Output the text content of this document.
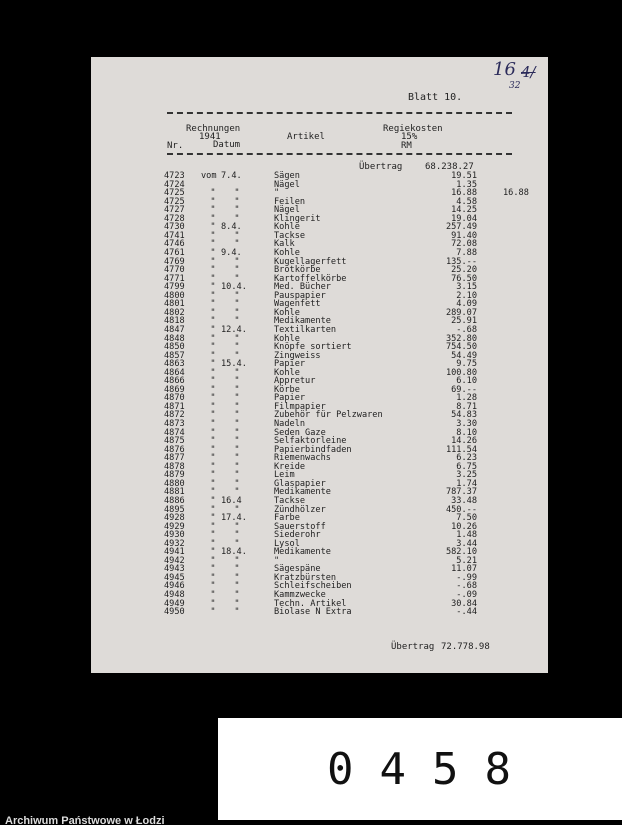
16
32
4/
Blatt 10.
Rechnungen
1941
Nr.	Datum
Artikel
Regiekosten
15%
RM
Übertrag	68.238.27
4723	vom 7.4.	Sägen	19.51
4724	Nägel	1.35
4725	"	"	"	16.88	16.88
4725	"	"	Feilen	4.58
4727	"	"	Nägel	14.25
4728	"	"	Klingerit	19.04
4730	" 8.4.	Kohle	257.49
4741	"	"	Tackse	91.40
4746	"	"	Kalk	72.08
4761	" 9.4.	Kohle	7.88
4769	"	"	Kugellagerfett	135.--
4770	"	"	Brotkörbe	25.20
4771	"	"	Kartoffelkörbe	76.50
4799	" 10.4.	Med. Bücher	3.15
4800	"	"	Pauspapier	2.10
4801	"	"	Wagenfett	4.09
4802	"	"	Kohle	289.07
4818	"	"	Medikamente	25.91
4847	" 12.4.	Textilkarten	-.68
4848	"	"	Kohle	352.80
4850	"	"	Knöpfe sortiert	754.50
4857	"	"	Zingweiss	54.49
4863	" 15.4.	Papier	9.75
4864	"	"	Kohle	100.80
4866	"	"	Appretur	6.10
4869	"	"	Körbe	69.--
4870	"	"	Papier	1.28
4871	"	"	Filmpapier	8.71
4872	"	"	Zubehör für Pelzwaren	54.83
4873	"	"	Nadeln	3.30
4874	"	"	Seden Gaze	8.10
4875	"	"	Selfaktorleine	14.26
4876	"	"	Papierbindfaden	111.54
4877	"	"	Riemenwachs	6.23
4878	"	"	Kreide	6.75
4879	"	"	Leim	3.25
4880	"	"	Glaspapier	1.74
4881	"	"	Medikamente	787.37
4886	" 16.4	Tackse	33.48
4895	"	"	Zündhölzer	450.--
4928	" 17.4.	Farbe	7.50
4929	"	"	Sauerstoff	10.26
4930	"	"	Siederohr	1.48
4932	"	"	Lysol	3.44
4941	" 18.4.	Medikamente	582.10
4942	"	"	"	5.21
4943	"	"	Sägespäne	11.07
4945	"	"	Kratzbürsten	-.99
4946	"	"	Schleifscheiben	-.68
4948	"	"	Kammzwecke	-.09
4949	"	"	Techn. Artikel	30.84
4950	"	"	Biolase N Extra	-.44
Übertrag 72.778.98
0 4 5 8
Archiwum Państwowe w Łodzi
